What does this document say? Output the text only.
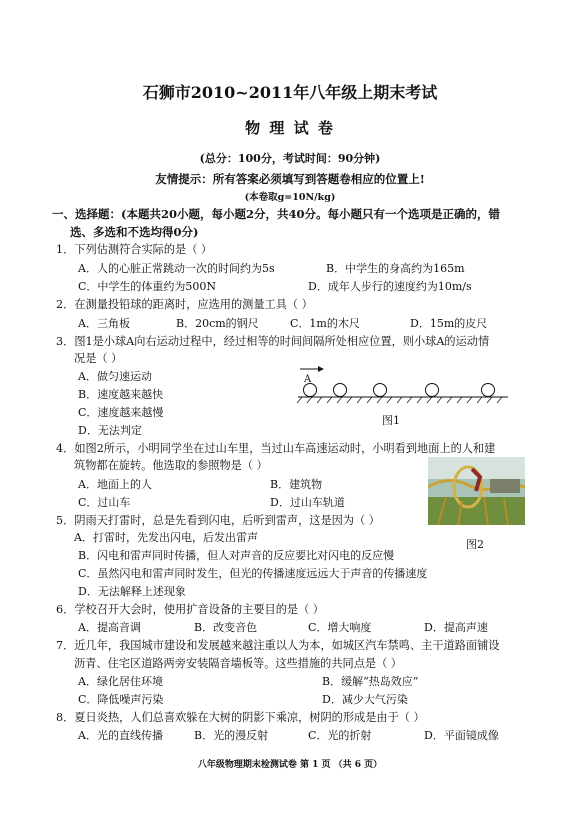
石狮市2010~2011年八年级上期末考试
物 理 试 卷
(总分：100分，考试时间：90分钟)
友情提示：所有答案必须填写到答题卷相应的位置上!
(本卷取g=10N/kg)
一、选择题：(本题共20小题，每小题2分，共40分。每小题只有一个选项是正确的，错
选、多选和不选均得0分)
1．下列估测符合实际的是（ ）
A．人的心脏正常跳动一次的时间约为5s	B．中学生的身高约为165m
C．中学生的体重约为500N	D．成年人步行的速度约为10m/s
2．在测量投铅球的距离时，应选用的测量工具（ ）
A．三角板	B．20cm的钢尺	C．1m的木尺	D．15m的皮尺
3．图1是小球A向右运动过程中，经过相等的时间间隔所处相应位置，则小球A的运动情
况是（ ）
A．做匀速运动
B．速度越来越快
C．速度越来越慢
D．无法判定
A
图1
4．如图2所示，小明同学坐在过山车里，当过山车高速运动时，小明看到地面上的人和建
筑物都在旋转。他选取的参照物是（ ）
A．地面上的人	B．建筑物
C．过山车	D．过山车轨道
图2
5．阴雨天打雷时，总是先看到闪电，后听到雷声，这是因为（ ）
A．打雷时，先发出闪电，后发出雷声
B．闪电和雷声同时传播，但人对声音的反应要比对闪电的反应慢
C．虽然闪电和雷声同时发生，但光的传播速度远远大于声音的传播速度
D．无法解释上述现象
6．学校召开大会时，使用扩音设备的主要目的是（ ）
A．提高音调	B．改变音色	C．增大响度	D．提高声速
7．近几年，我国城市建设和发展越来越注重以人为本，如城区汽车禁鸣、主干道路面铺设
沥青、住宅区道路两旁安装隔音墙板等。这些措施的共同点是（ ）
A．绿化居住环境	B．缓解“热岛效应”
C．降低噪声污染	D．减少大气污染
8．夏日炎热，人们总喜欢躲在大树的阴影下乘凉，树阴的形成是由于（ ）
A．光的直线传播	B．光的漫反射	C．光的折射	D．平面镜成像
八年级物理期末检测试卷 第 1 页 （共 6 页）
